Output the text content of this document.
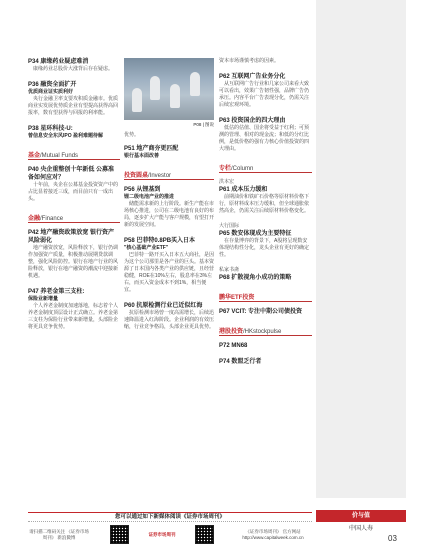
P34 康缘药业疑虑难消
康缘药业总股价大涨背后存在疑虑。
P36 融资全面扩开
优质商业证实质利好
央行金融卫率支要攻积质金融市。优质商业实发展优势质企业有望提高获得高回报率，数有望获得与回报的利率能。
P38 星环科技-U:
曾信息安全东风IPO 盈利难题待解
基金 /Mutual Funds
P40 央企重整创十年新低 公募准备如何应对？
十年前，央企在公募基金投资资产中的占比显着接近三成，而目前只有一成出头。
金融 /Finance
P42 地产融资政策放宽 银行资产风险弱化
地产融资放宽，风险释放下，银行仍调作加强资产质量，积极推动展期贷款调整，强化风险防控。银行在地产行业的风险释放，银行在地产融资的潮流中迎接新机遇。
P47 养老金第三支柱:
保险业新增量
个人养老金制度加速落地，标志着个人养老金制度顶层设计正式确立。养老金第三支柱为保险行业带来新增量，头部险企将更具竞争优势。
P08 | 图说
优势。
P51 地产商夯更匹配
银行基本面改善
投资圆桌 /Investor
P56 从锂基到
锂二级电池产业的推进
储能需求新的上行阶段。新生产能在市场核心推进，公司在二级电池有良好的布局，逐步扩大产能与客户规模，有望打开新的发展空间。
P58 巴菲特0.8PB买入日本
"核心基础产业ETF"
巴菲特一路开买入日本五大商社，是因为这个公司那里是各产业的巨头。基本资源了日本国内各类产业的供应链，且经营稳健，ROE在10%左右，股息率在3%左右，而买入资金成本不到1%，相当便宜。
P60 抗原检测行业已近似红海
抗原检测市场曾一度高需增长，后续迅速降温进入红海阶段。企业利润的有效压缩，行业竞争格局，头部企业更具优势。
资本市场谨慎考虑的因素。
P62 互联网广告业务分化
从互联网广告行业和几家公司来看大致可以看出，效果广告韧性强，品牌广告仍承压。内容平台广告表现分化，仍需关注后续宏观环境。
P63 投资国企的四大理由
低估的估值、国企将受益于红利；可预测的管理、相对的现金流；和低的分红比例，是低价格的强有力核心价值投资的四大理由。
专栏 /Column
洪本宏
P61 成本压力缓和
前期油价和铁矿石价格等原材料价格下行，原材料成本压力缓和，但全球通胀依然高企，仍需关注后续原材料价格变化。
大行国际
P65 数安体现成为主要特征
在存量博弈的背景下，A股将呈现数安体现结构性分化，龙头企业有更好的确定性。
私家书斋
P68 扩散视角小成功的策略
鹏华ETF投资
P67 VCIT: 专注中期公司债投资
港股投资 /HKstockpulse
P72 MN68
P74 数盟乏行者
价与值
中国人寿
您可以通过如下新媒体阅读《证券市场周刊》
请扫描二维码关注 《证券市场周刊》 新浪微博
证券市场周刊
《证券市场周刊》 官方网站 http://www.capitalweek.com.cn	03
